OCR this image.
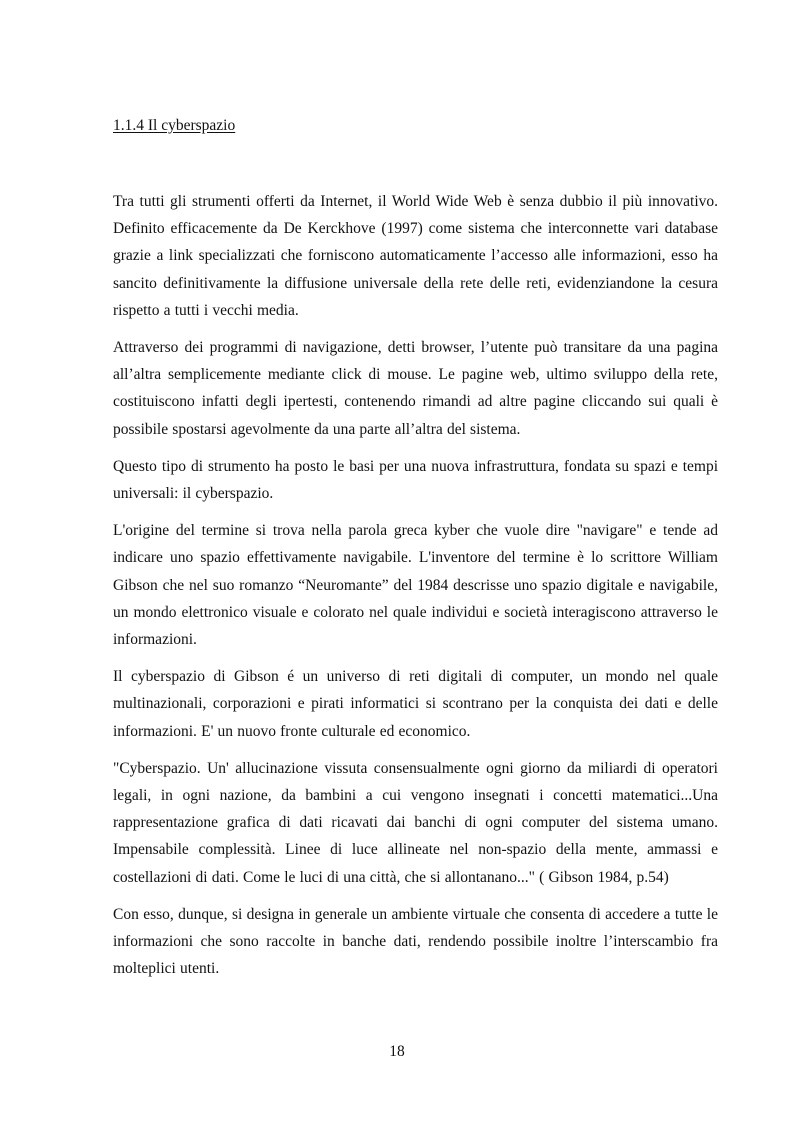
1.1.4 Il cyberspazio

Tra tutti gli strumenti offerti da Internet, il World Wide Web è senza dubbio il più innovativo. Definito efficacemente da De Kerckhove (1997) come sistema che interconnette vari database grazie a link specializzati che forniscono automaticamente l’accesso alle informazioni, esso ha sancito definitivamente la diffusione universale della rete delle reti, evidenziandone la cesura rispetto a tutti i vecchi media.

Attraverso dei programmi di navigazione, detti browser, l’utente può transitare da una pagina all’altra semplicemente mediante click di mouse. Le pagine web, ultimo sviluppo della rete, costituiscono infatti degli ipertesti, contenendo rimandi ad altre pagine cliccando sui quali è possibile spostarsi agevolmente da una parte all’altra del sistema.

Questo tipo di strumento ha posto le basi per una nuova infrastruttura, fondata su spazi e tempi universali: il cyberspazio.

L'origine del termine si trova nella parola greca kyber che vuole dire "navigare" e tende ad indicare uno spazio effettivamente navigabile. L'inventore del termine è lo scrittore William Gibson che nel suo romanzo “Neuromante” del 1984 descrisse uno spazio digitale e navigabile, un mondo elettronico visuale e colorato nel quale individui e società interagiscono attraverso le informazioni.

Il cyberspazio di Gibson é un universo di reti digitali di computer, un mondo nel quale multinazionali, corporazioni e pirati informatici si scontrano per la conquista dei dati e delle informazioni. E' un nuovo fronte culturale ed economico.

"Cyberspazio. Un' allucinazione vissuta consensualmente ogni giorno da miliardi di operatori legali, in ogni nazione, da bambini a cui vengono insegnati i concetti matematici...Una rappresentazione grafica di dati ricavati dai banchi di ogni computer del sistema umano. Impensabile complessità. Linee di luce allineate nel non-spazio della mente, ammassi e costellazioni di dati. Come le luci di una città, che si allontanano..." ( Gibson 1984, p.54)

Con esso, dunque, si designa in generale un ambiente virtuale che consenta di accedere a tutte le informazioni che sono raccolte in banche dati, rendendo possibile inoltre l’interscambio fra molteplici utenti.

18
